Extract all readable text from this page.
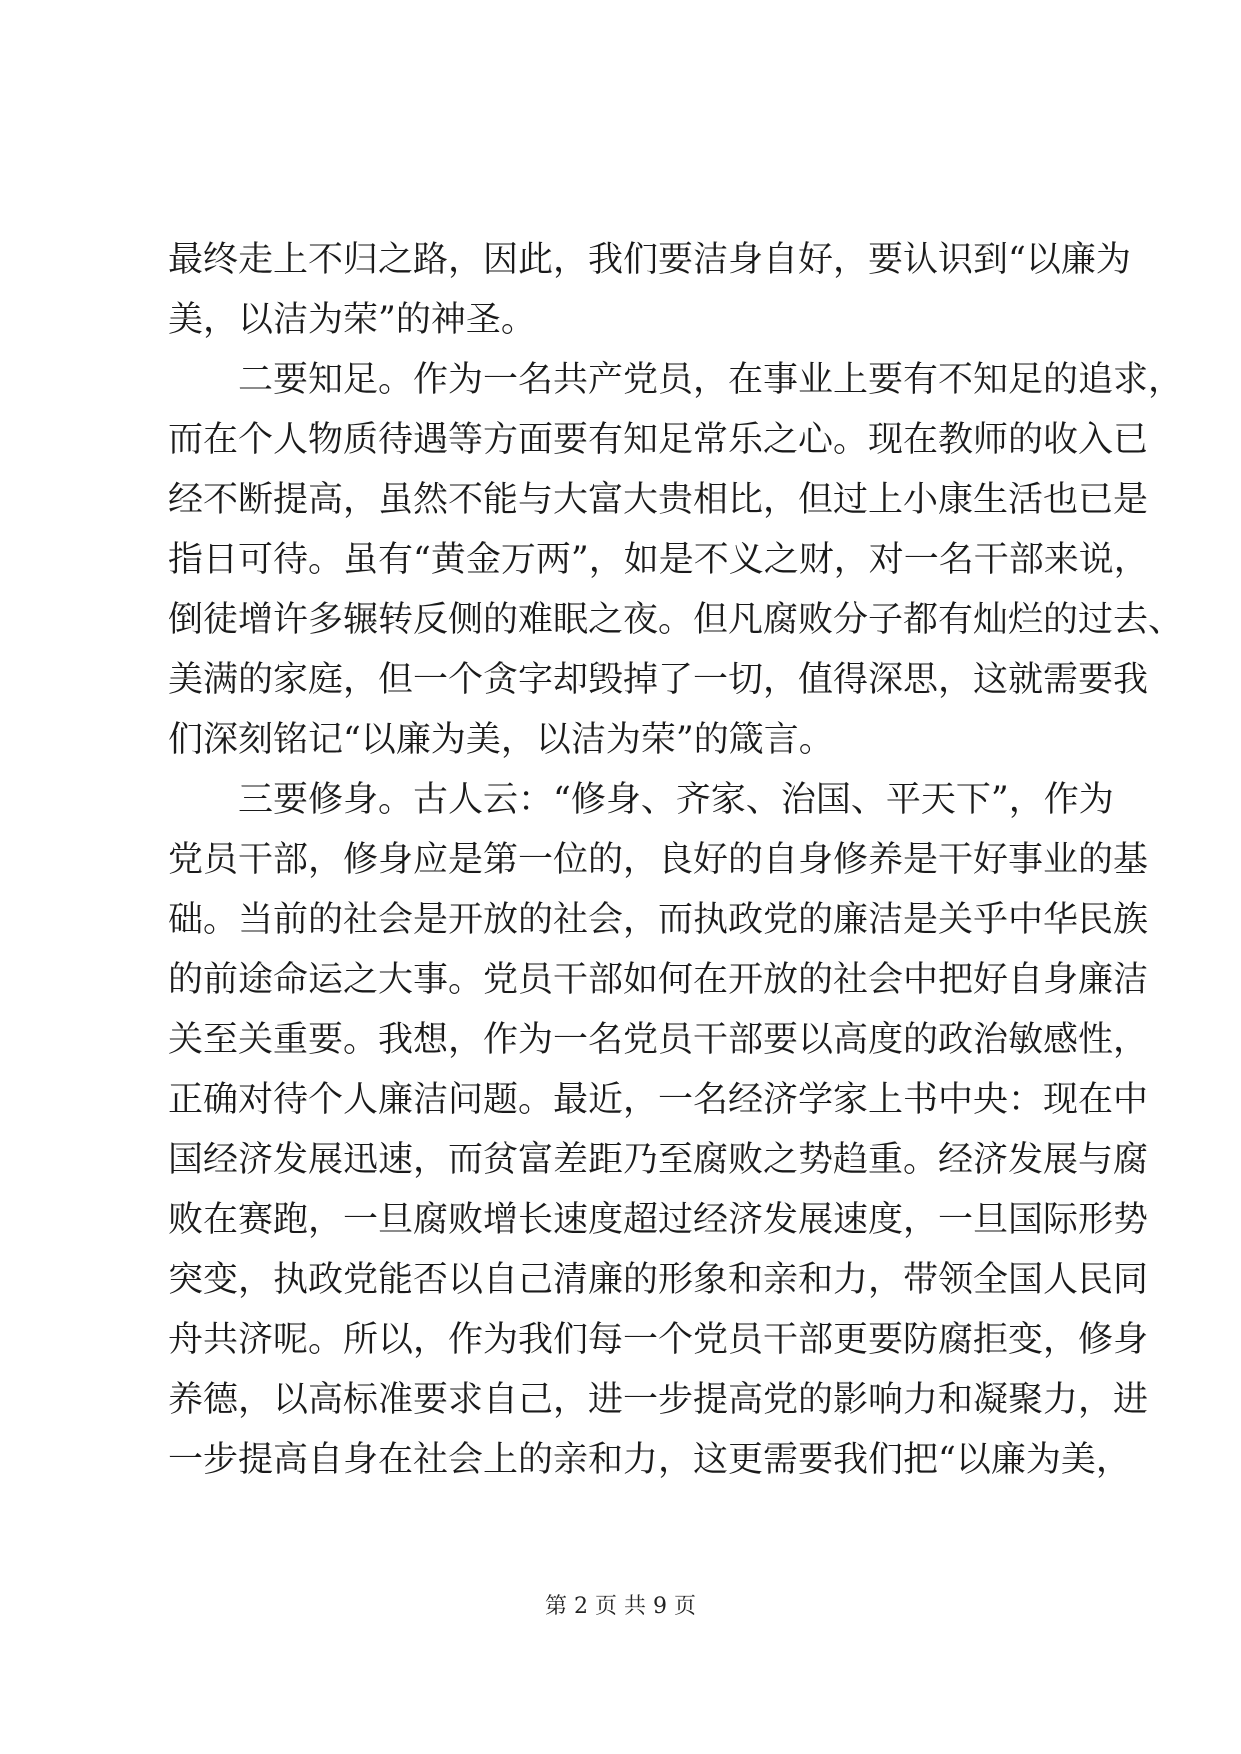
最终走上不归之路，因此，我们要洁身自好，要认识到“以廉为
美，以洁为荣”的神圣。
　　二要知足。作为一名共产党员，在事业上要有不知足的追求，
而在个人物质待遇等方面要有知足常乐之心。现在教师的收入已
经不断提高，虽然不能与大富大贵相比，但过上小康生活也已是
指日可待。虽有“黄金万两”，如是不义之财，对一名干部来说，
倒徒增许多辗转反侧的难眠之夜。但凡腐败分子都有灿烂的过去、
美满的家庭，但一个贪字却毁掉了一切，值得深思，这就需要我
们深刻铭记“以廉为美，以洁为荣”的箴言。
　　三要修身。古人云：“修身、齐家、治国、平天下”，作为
党员干部，修身应是第一位的，良好的自身修养是干好事业的基
础。当前的社会是开放的社会，而执政党的廉洁是关乎中华民族
的前途命运之大事。党员干部如何在开放的社会中把好自身廉洁
关至关重要。我想，作为一名党员干部要以高度的政治敏感性，
正确对待个人廉洁问题。最近，一名经济学家上书中央：现在中
国经济发展迅速，而贫富差距乃至腐败之势趋重。经济发展与腐
败在赛跑，一旦腐败增长速度超过经济发展速度，一旦国际形势
突变，执政党能否以自己清廉的形象和亲和力，带领全国人民同
舟共济呢。所以，作为我们每一个党员干部更要防腐拒变，修身
养德，以高标准要求自己，进一步提高党的影响力和凝聚力，进
一步提高自身在社会上的亲和力，这更需要我们把“以廉为美，
第 2 页 共 9 页
